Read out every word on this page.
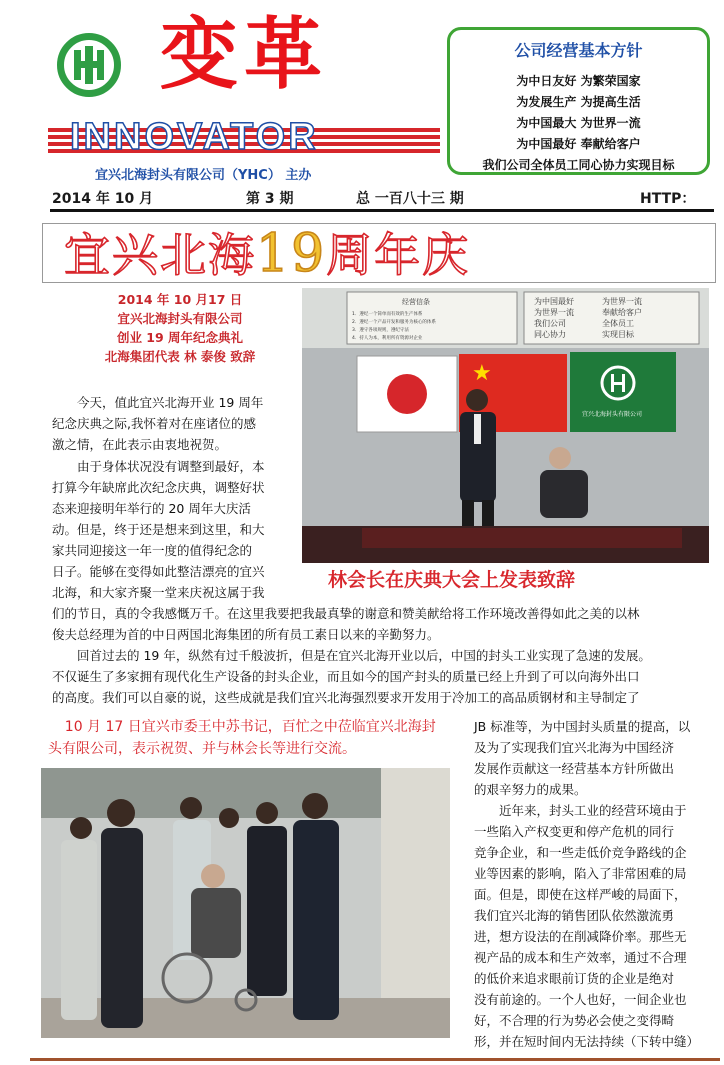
变革
INNOVATOR
宜兴北海封头有限公司（YHC） 主办
公司经营基本方针
为中日友好 为繁荣国家
为发展生产 为提高生活
为中国最大 为世界一流
为中国最好 奉献给客户
我们公司全体员工同心协力实现目标
2014 年 10 月	第 3 期	总 一百八十三 期	HTTP：
宜兴北海19周年庆
2014 年 10 月17 日
宜兴北海封头有限公司
创业 19 周年纪念典礼
北海集团代表 林 泰俊 致辞
经营信条
1．遵纪一个简单而有效的生产体系
2．遵纪一个产品开发和服务为核心的体系
3．遵守各项规则，遵纪守法
4．持人为本，利用所有资源对企业
为中国最好
为世界一流
我们公司
同心协力
为世界一流
奉献给客户
全体员工
实现目标
★
宜兴北海封头有限公司
林会长在庆典大会上发表致辞
今天，值此宜兴北海开业 19 周年
纪念庆典之际,我怀着对在座诸位的感
激之情，在此表示由衷地祝贺。
由于身体状况没有调整到最好，本
打算今年缺席此次纪念庆典，调整好状
态来迎接明年举行的 20 周年大庆活
动。但是，终于还是想来到这里，和大
家共同迎接这一年一度的值得纪念的
日子。能够在变得如此整洁漂亮的宜兴
北海，和大家齐聚一堂来庆祝这属于我
们的节日，真的令我感慨万千。在这里我要把我最真挚的谢意和赞美献给将工作环境改善得如此之美的以林
俊夫总经理为首的中日两国北海集团的所有员工素日以来的辛勤努力。
回首过去的 19 年，纵然有过千般波折，但是在宜兴北海开业以后，中国的封头工业实现了急速的发展。
不仅诞生了多家拥有现代化生产设备的封头企业，而且如今的国产封头的质量已经上升到了可以向海外出口
的高度。我们可以自豪的说，这些成就是我们宜兴北海强烈要求开发用于冷加工的高品质钢材和主导制定了
10 月 17 日宜兴市委王中苏书记，百忙之中莅临宜兴北海封头有限公司，表示祝贺、并与林会长等进行交流。
JB 标准等，为中国封头质量的提高，以
及为了实现我们宜兴北海为中国经济
发展作贡献这一经营基本方针所做出
的艰辛努力的成果。
近年来，封头工业的经营环境由于
一些陷入产权变更和停产危机的同行
竞争企业，和一些走低价竞争路线的企
业等因素的影响，陷入了非常困难的局
面。但是，即使在这样严峻的局面下，
我们宜兴北海的销售团队依然激流勇
进，想方设法的在削减降价率。那些无
视产品的成本和生产效率，通过不合理
的低价来追求眼前订货的企业是绝对
没有前途的。一个人也好，一间企业也
好，不合理的行为势必会使之变得畸
形，并在短时间内无法持续（下转中缝）
